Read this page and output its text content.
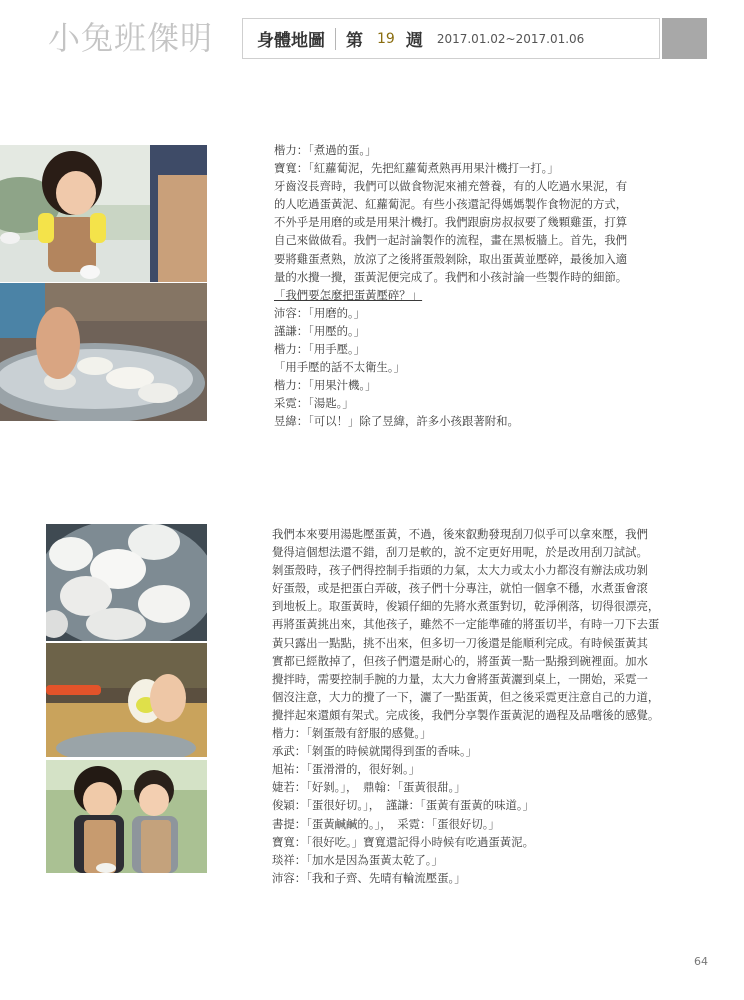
小兔班傑明	身體地圖 第 19 週 2017.01.02~2017.01.06
楷力：「煮過的蛋。」
寶寬：「紅蘿蔔泥，先把紅蘿蔔煮熟再用果汁機打一打。」
牙齒沒長齊時，我們可以做食物泥來補充營養，有的人吃過水果泥，有
的人吃過蛋黃泥、紅蘿蔔泥。有些小孩還記得媽媽製作食物泥的方式，
不外乎是用磨的或是用果汁機打。我們跟廚房叔叔要了幾顆雞蛋，打算
自己來做做看。我們一起討論製作的流程，畫在黑板牆上。首先，我們
要將雞蛋煮熟，放涼了之後將蛋殼剝除，取出蛋黃並壓碎，最後加入適
量的水攪一攪，蛋黃泥便完成了。我們和小孩討論一些製作時的細節。
「我們要怎麼把蛋黃壓碎？」
沛容：「用磨的。」
謹謙：「用壓的。」
楷力：「用手壓。」
「用手壓的話不太衛生。」
楷力：「用果汁機。」
采霓：「湯匙。」
昱緯：「可以！」除了昱緯，許多小孩跟著附和。
我們本來要用湯匙壓蛋黃，不過，後來叡勳發現刮刀似乎可以拿來壓，我們
覺得這個想法還不錯，刮刀是軟的，說不定更好用呢，於是改用刮刀試試。
剝蛋殼時，孩子們得控制手指頭的力氣，太大力或太小力都沒有辦法成功剝
好蛋殼，或是把蛋白弄破，孩子們十分專注，就怕一個拿不穩，水煮蛋會滾
到地板上。取蛋黃時，俊穎仔細的先將水煮蛋對切，乾淨俐落，切得很漂亮，
再將蛋黃挑出來，其他孩子，雖然不一定能準確的將蛋切半，有時一刀下去蛋
黃只露出一點點，挑不出來，但多切一刀後還是能順利完成。有時候蛋黃其
實都已經散掉了，但孩子們還是耐心的，將蛋黃一點一點撥到碗裡面。加水
攪拌時，需要控制手腕的力量，太大力會將蛋黃灑到桌上，一開始，采霓一
個沒注意，大力的攪了一下，灑了一點蛋黃，但之後采霓更注意自己的力道，
攪拌起來還頗有架式。完成後，我們分享製作蛋黃泥的過程及品嚐後的感覺。
楷力：「剝蛋殼有舒服的感覺。」
承武：「剝蛋的時候就聞得到蛋的香味。」
旭祐：「蛋滑滑的，很好剝。」
婕若：「好剝。」，　鼎翰：「蛋黃很甜。」
俊穎：「蛋很好切。」，　謹謙：「蛋黃有蛋黃的味道。」
書提：「蛋黃鹹鹹的。」，　采霓：「蛋很好切。」
寶寬：「很好吃。」寶寬還記得小時候有吃過蛋黃泥。
琰祥：「加水是因為蛋黃太乾了。」
沛容：「我和子齊、先晴有輪流壓蛋。」
64
